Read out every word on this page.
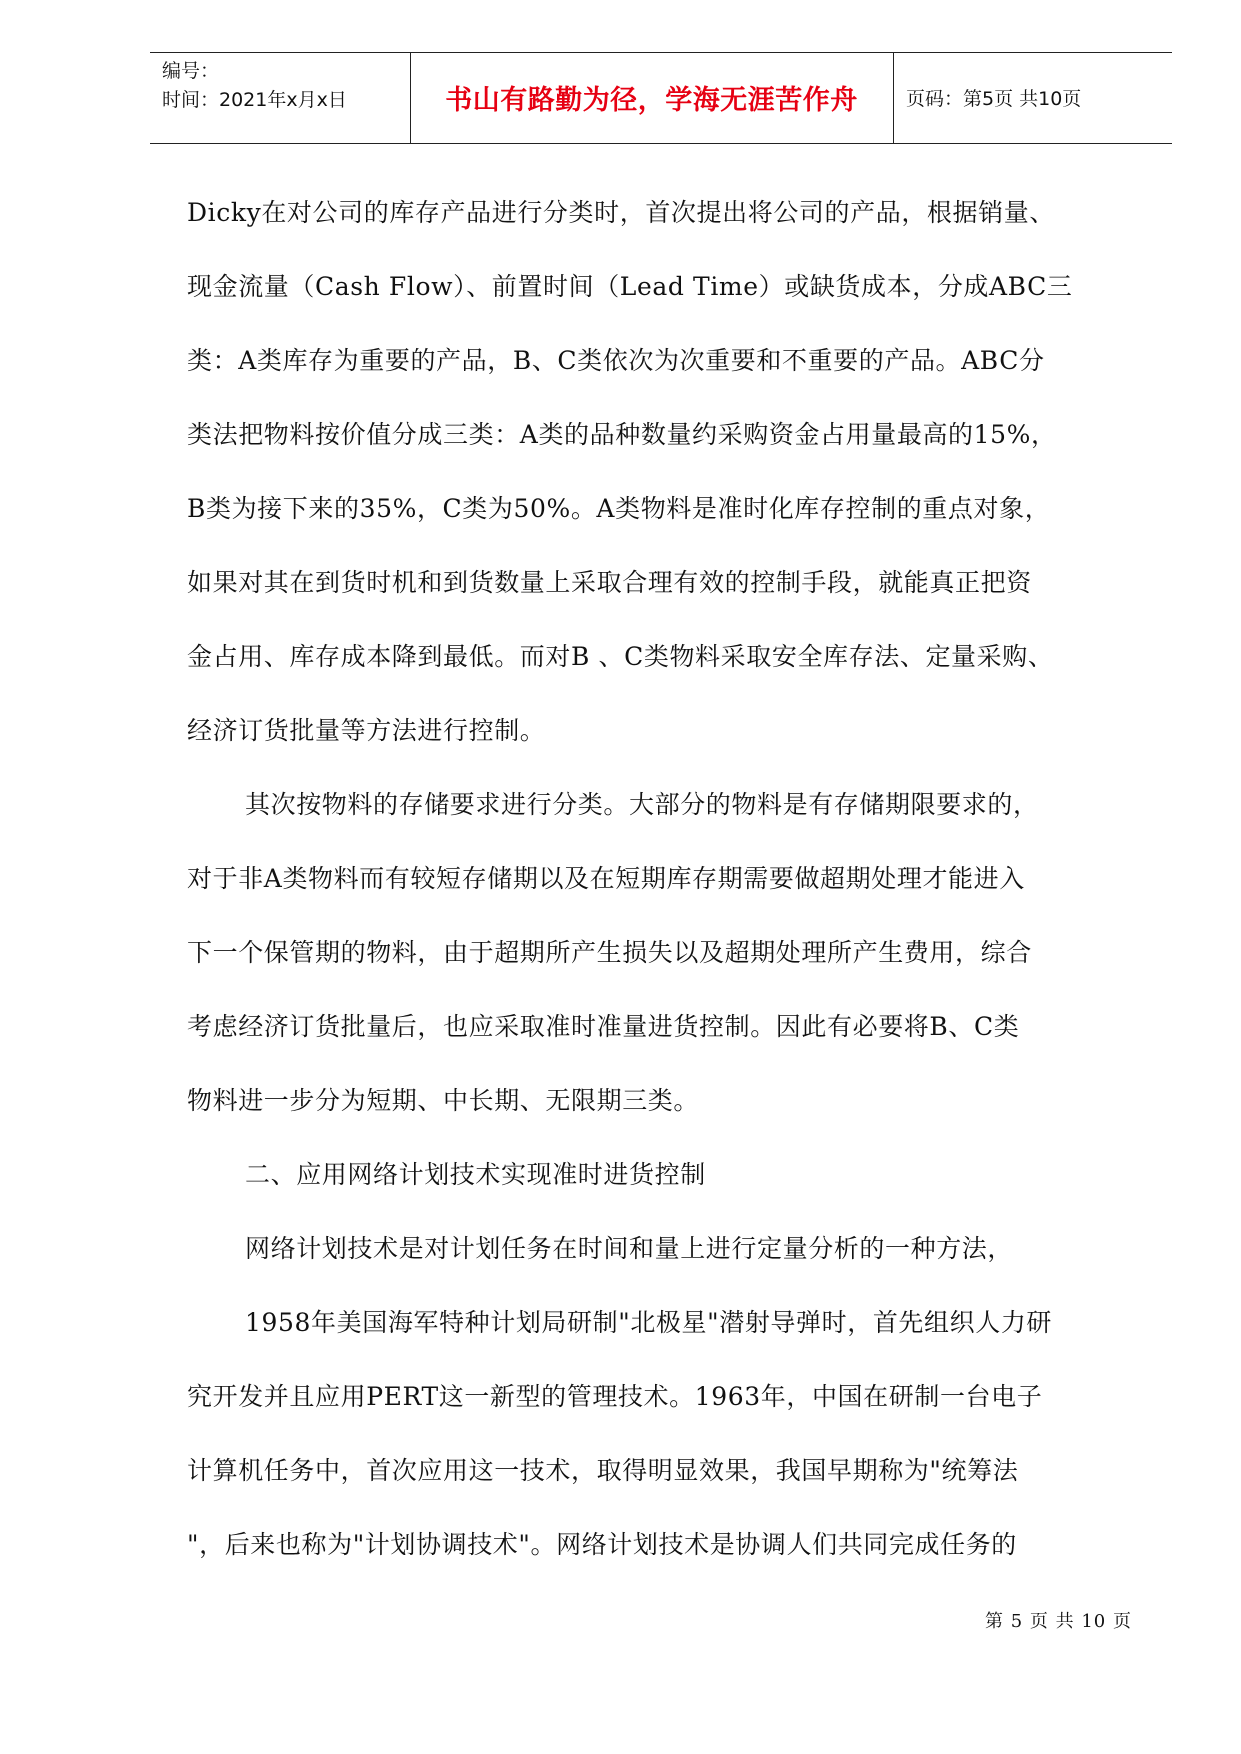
编号：
时间：2021年x月x日	书山有路勤为径，学海无涯苦作舟	页码：第5页 共10页
Dicky在对公司的库存产品进行分类时，首次提出将公司的产品，根据销量、
现金流量（Cash Flow）、前置时间（Lead Time）或缺货成本，分成ABC三
类：A类库存为重要的产品，B、C类依次为次重要和不重要的产品。ABC分
类法把物料按价值分成三类：A类的品种数量约采购资金占用量最高的15%，
B类为接下来的35%，C类为50%。A类物料是准时化库存控制的重点对象，
如果对其在到货时机和到货数量上采取合理有效的控制手段，就能真正把资
金占用、库存成本降到最低。而对B 、C类物料采取安全库存法、定量采购、
经济订货批量等方法进行控制。
其次按物料的存储要求进行分类。大部分的物料是有存储期限要求的，
对于非A类物料而有较短存储期以及在短期库存期需要做超期处理才能进入
下一个保管期的物料，由于超期所产生损失以及超期处理所产生费用，综合
考虑经济订货批量后，也应采取准时准量进货控制。因此有必要将B、C类
物料进一步分为短期、中长期、无限期三类。
二、应用网络计划技术实现准时进货控制
网络计划技术是对计划任务在时间和量上进行定量分析的一种方法，
1958年美国海军特种计划局研制"北极星"潜射导弹时，首先组织人力研
究开发并且应用PERT这一新型的管理技术。1963年，中国在研制一台电子
计算机任务中，首次应用这一技术，取得明显效果，我国早期称为"统筹法
"，后来也称为"计划协调技术"。网络计划技术是协调人们共同完成任务的
第 5 页 共 10 页
